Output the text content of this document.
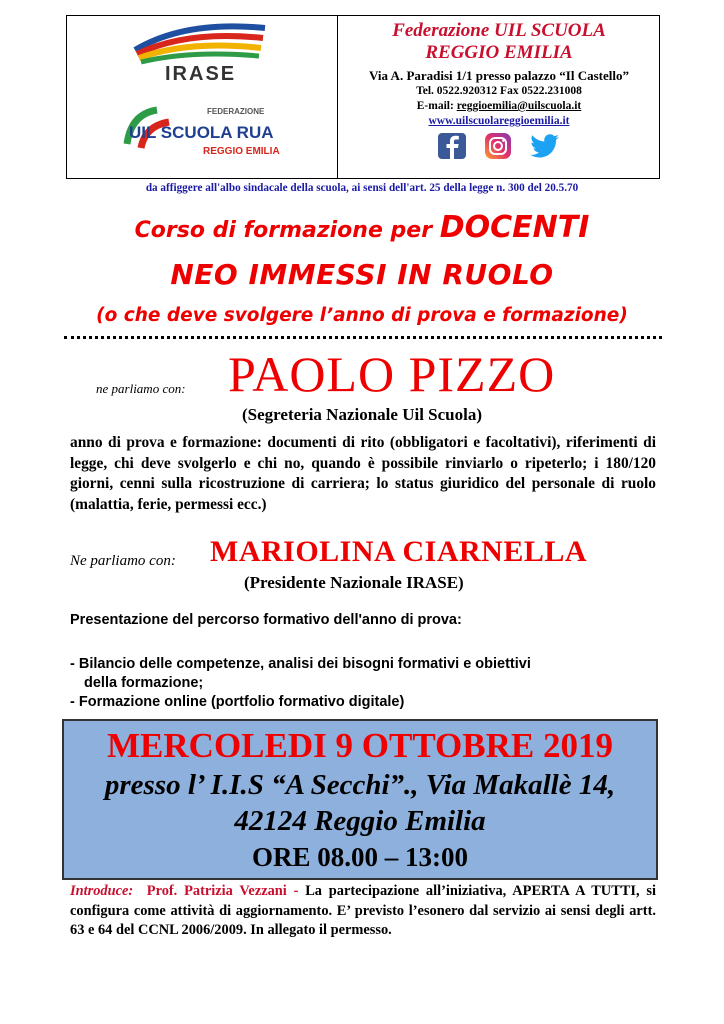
IRASE
FEDERAZIONE
UIL SCUOLA RUA
REGGIO EMILIA
Federazione UIL SCUOLA
REGGIO EMILIA
Via A. Paradisi 1/1 presso palazzo “Il Castello”
Tel. 0522.920312 Fax 0522.231008
E-mail: reggioemilia@uilscuola.it
www.uilscuolareggioemilia.it
da affiggere all'albo sindacale della scuola, ai sensi dell'art. 25 della legge n. 300 del 20.5.70
Corso di formazione per DOCENTI
NEO IMMESSI IN RUOLO
(o che deve svolgere l’anno di prova e formazione)
ne parliamo con: PAOLO PIZZO
(Segreteria Nazionale Uil Scuola)
anno di prova e formazione: documenti di rito (obbligatori e facoltativi), riferimenti di legge, chi deve svolgerlo e chi no, quando è possibile rinviarlo o ripeterlo; i 180/120 giorni, cenni sulla ricostruzione di carriera; lo status giuridico del personale di ruolo (malattia, ferie, permessi ecc.)
Ne parliamo con: MARIOLINA CIARNELLA
(Presidente Nazionale IRASE)
Presentazione del percorso formativo dell'anno di prova:
- Bilancio delle competenze, analisi dei bisogni formativi e obiettivi
della formazione;
- Formazione online (portfolio formativo digitale)
MERCOLEDI 9 OTTOBRE 2019
presso l’ I.I.S “A Secchi”., Via Makallè 14,
42124 Reggio Emilia
ORE 08.00 – 13:00
Introduce: Prof. Patrizia Vezzani - La partecipazione all’iniziativa, APERTA A TUTTI, si configura come attività di aggiornamento. E’ previsto l’esonero dal servizio ai sensi degli artt. 63 e 64 del CCNL 2006/2009. In allegato il permesso.
